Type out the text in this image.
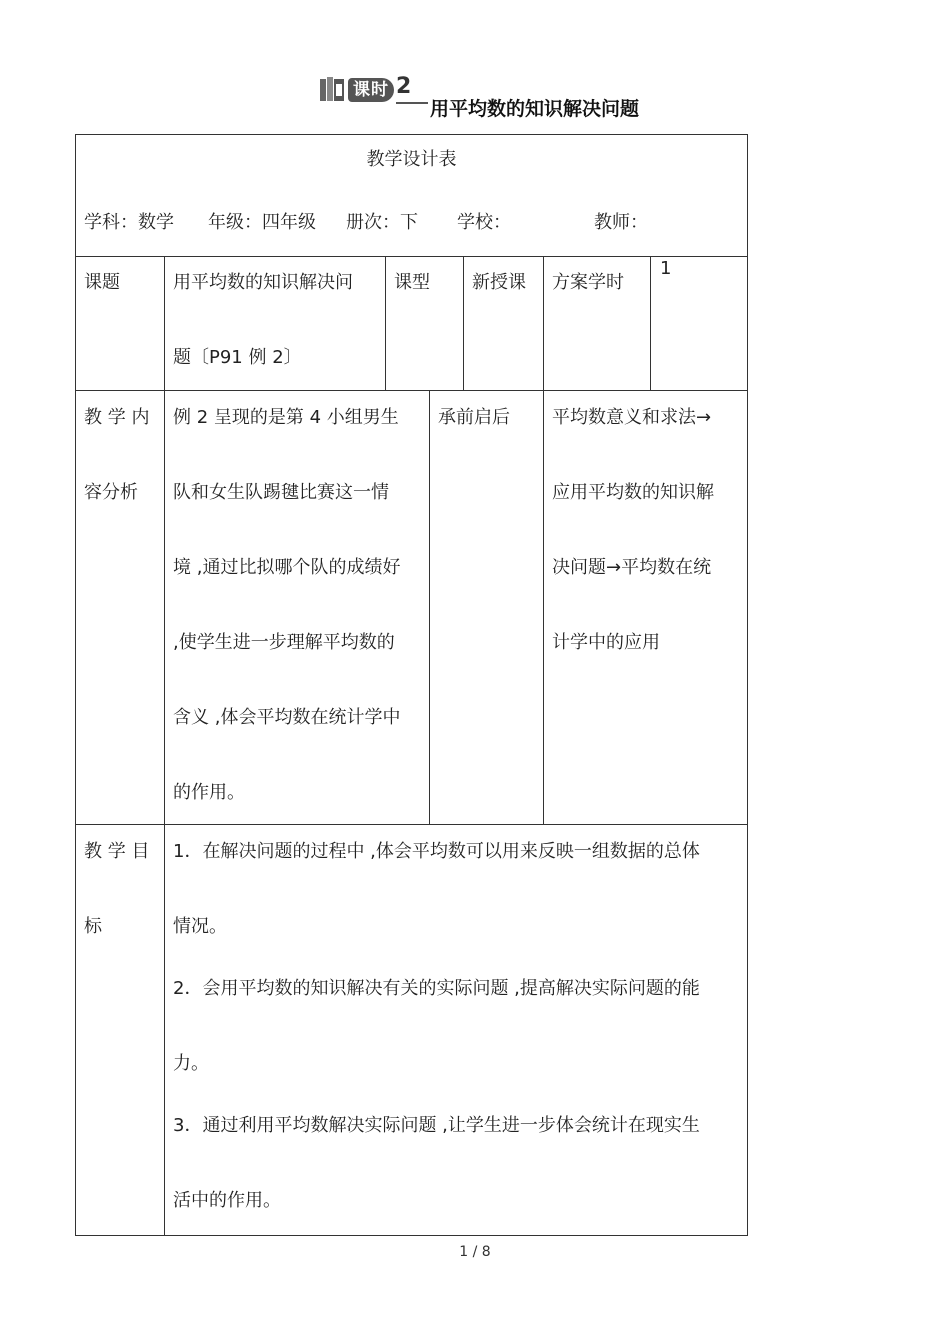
课时 2
用平均数的知识解决问题
教学设计表
学科：数学 年级：四年级 册次：下 学校：	教师：
课题	用平均数的知识解决问
题〔P91 例 2〕
课型 新授课 方案学时
1
教 学 内
容分析
例 2 呈现的是第 4 小组男生
队和女生队踢毽比赛这一情
境 ,通过比拟哪个队的成绩好
,使学生进一步理解平均数的
含义 ,体会平均数在统计学中
的作用。
承前启后 平均数意义和求法→
应用平均数的知识解
决问题→平均数在统
计学中的应用
教 学 目
标
1．在解决问题的过程中 ,体会平均数可以用来反映一组数据的总体
情况。
2．会用平均数的知识解决有关的实际问题 ,提高解决实际问题的能
力。
3．通过利用平均数解决实际问题 ,让学生进一步体会统计在现实生
活中的作用。
1 / 8
